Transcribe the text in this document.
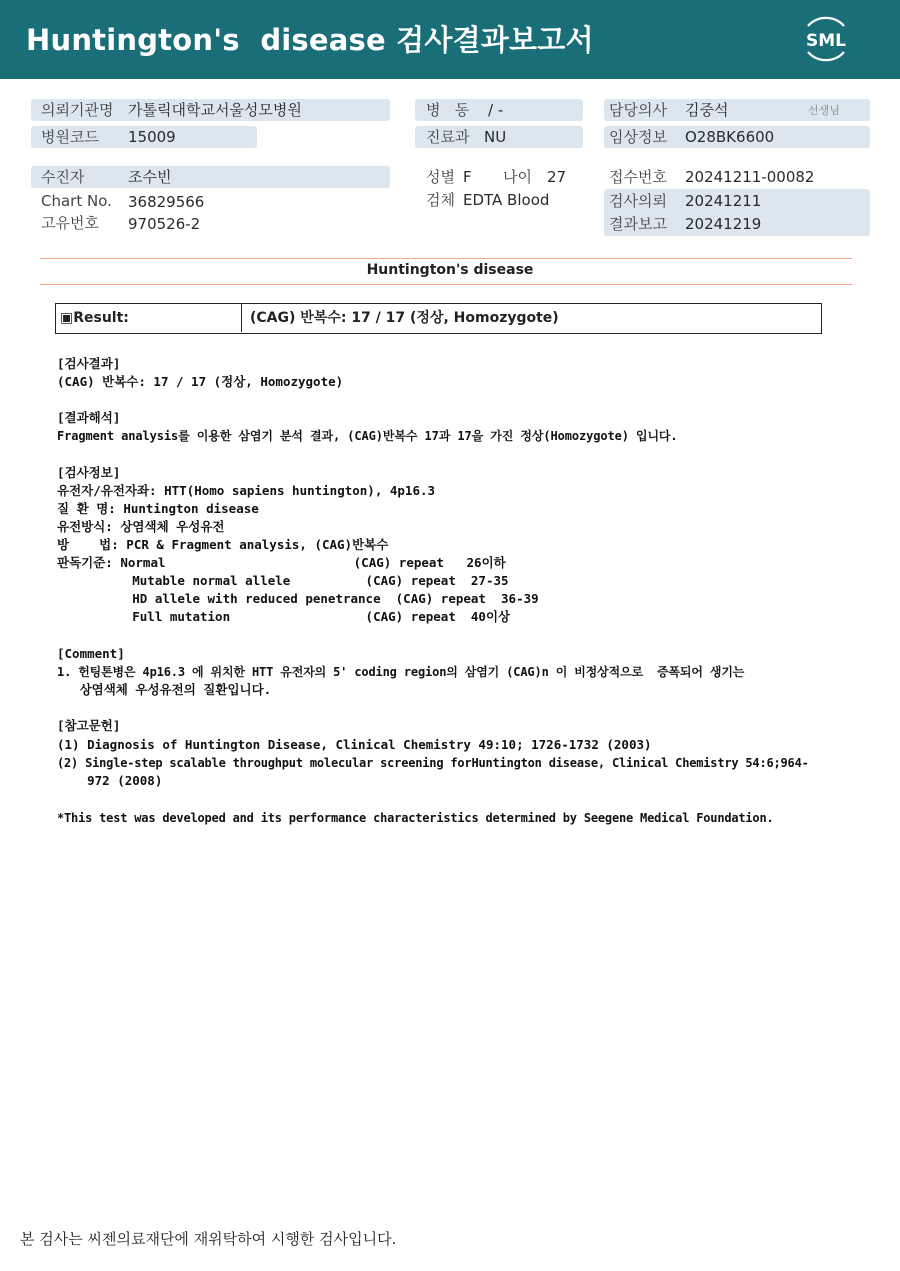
Huntington's  disease 검사결과보고서	SML
의뢰기관명 가톨릭대학교서울성모병원
병원코드 15009
수진자	조수빈
Chart No. 36829566
고유번호 970526-2
병   동 / -
진료과 NU
성별 F 나이 27
검체 EDTA Blood
담당의사 김중석	선생님
임상정보 O28BK6600
접수번호 20241211-00082
검사의뢰 20241211
결과보고 20241219
Huntington's disease
▣Result:	(CAG) 반복수: 17 / 17 (정상, Homozygote)
[검사결과]
(CAG) 반복수: 17 / 17 (정상, Homozygote)
[결과해석]
Fragment analysis를 이용한 삼염기 분석 결과, (CAG)반복수 17과 17을 가진 정상(Homozygote) 입니다.
[검사정보]
유전자/유전자좌: HTT(Homo sapiens huntington), 4p16.3
질 환 명: Huntington disease
유전방식: 상염색체 우성유전
방    법: PCR & Fragment analysis, (CAG)반복수
판독기준: Normal                         (CAG) repeat   26이하
Mutable normal allele          (CAG) repeat  27-35
HD allele with reduced penetrance  (CAG) repeat  36-39
Full mutation                  (CAG) repeat  40이상
[Comment]
1. 헌팅톤병은 4p16.3 에 위치한 HTT 유전자의 5' coding region의 삼염기 (CAG)n 이 비정상적으로  증폭되어 생기는
상염색체 우성유전의 질환입니다.
[참고문헌]
(1) Diagnosis of Huntington Disease, Clinical Chemistry 49:10; 1726-1732 (2003)
(2) Single-step scalable throughput molecular screening forHuntington disease, Clinical Chemistry 54:6;964-
972 (2008)
*This test was developed and its performance characteristics determined by Seegene Medical Foundation.
본 검사는 씨젠의료재단에 재위탁하여 시행한 검사입니다.
